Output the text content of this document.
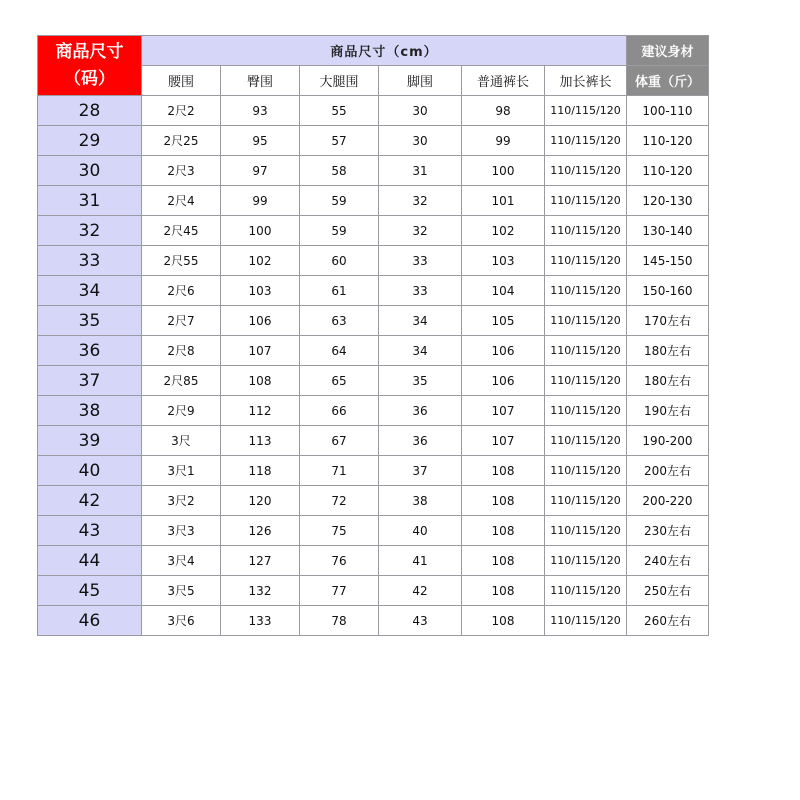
商品尺寸
（码）	商品尺寸（cm）						建议身材
	腰围	臀围	大腿围	脚围	普通裤长	加长裤长	体重（斤）
28	2尺2	93	55	30	98	110/115/120	100-110
29	2尺25	95	57	30	99	110/115/120	110-120
30	2尺3	97	58	31	100	110/115/120	110-120
31	2尺4	99	59	32	101	110/115/120	120-130
32	2尺45	100	59	32	102	110/115/120	130-140
33	2尺55	102	60	33	103	110/115/120	145-150
34	2尺6	103	61	33	104	110/115/120	150-160
35	2尺7	106	63	34	105	110/115/120	170左右
36	2尺8	107	64	34	106	110/115/120	180左右
37	2尺85	108	65	35	106	110/115/120	180左右
38	2尺9	112	66	36	107	110/115/120	190左右
39	3尺	113	67	36	107	110/115/120	190-200
40	3尺1	118	71	37	108	110/115/120	200左右
42	3尺2	120	72	38	108	110/115/120	200-220
43	3尺3	126	75	40	108	110/115/120	230左右
44	3尺4	127	76	41	108	110/115/120	240左右
45	3尺5	132	77	42	108	110/115/120	250左右
46	3尺6	133	78	43	108	110/115/120	260左右
